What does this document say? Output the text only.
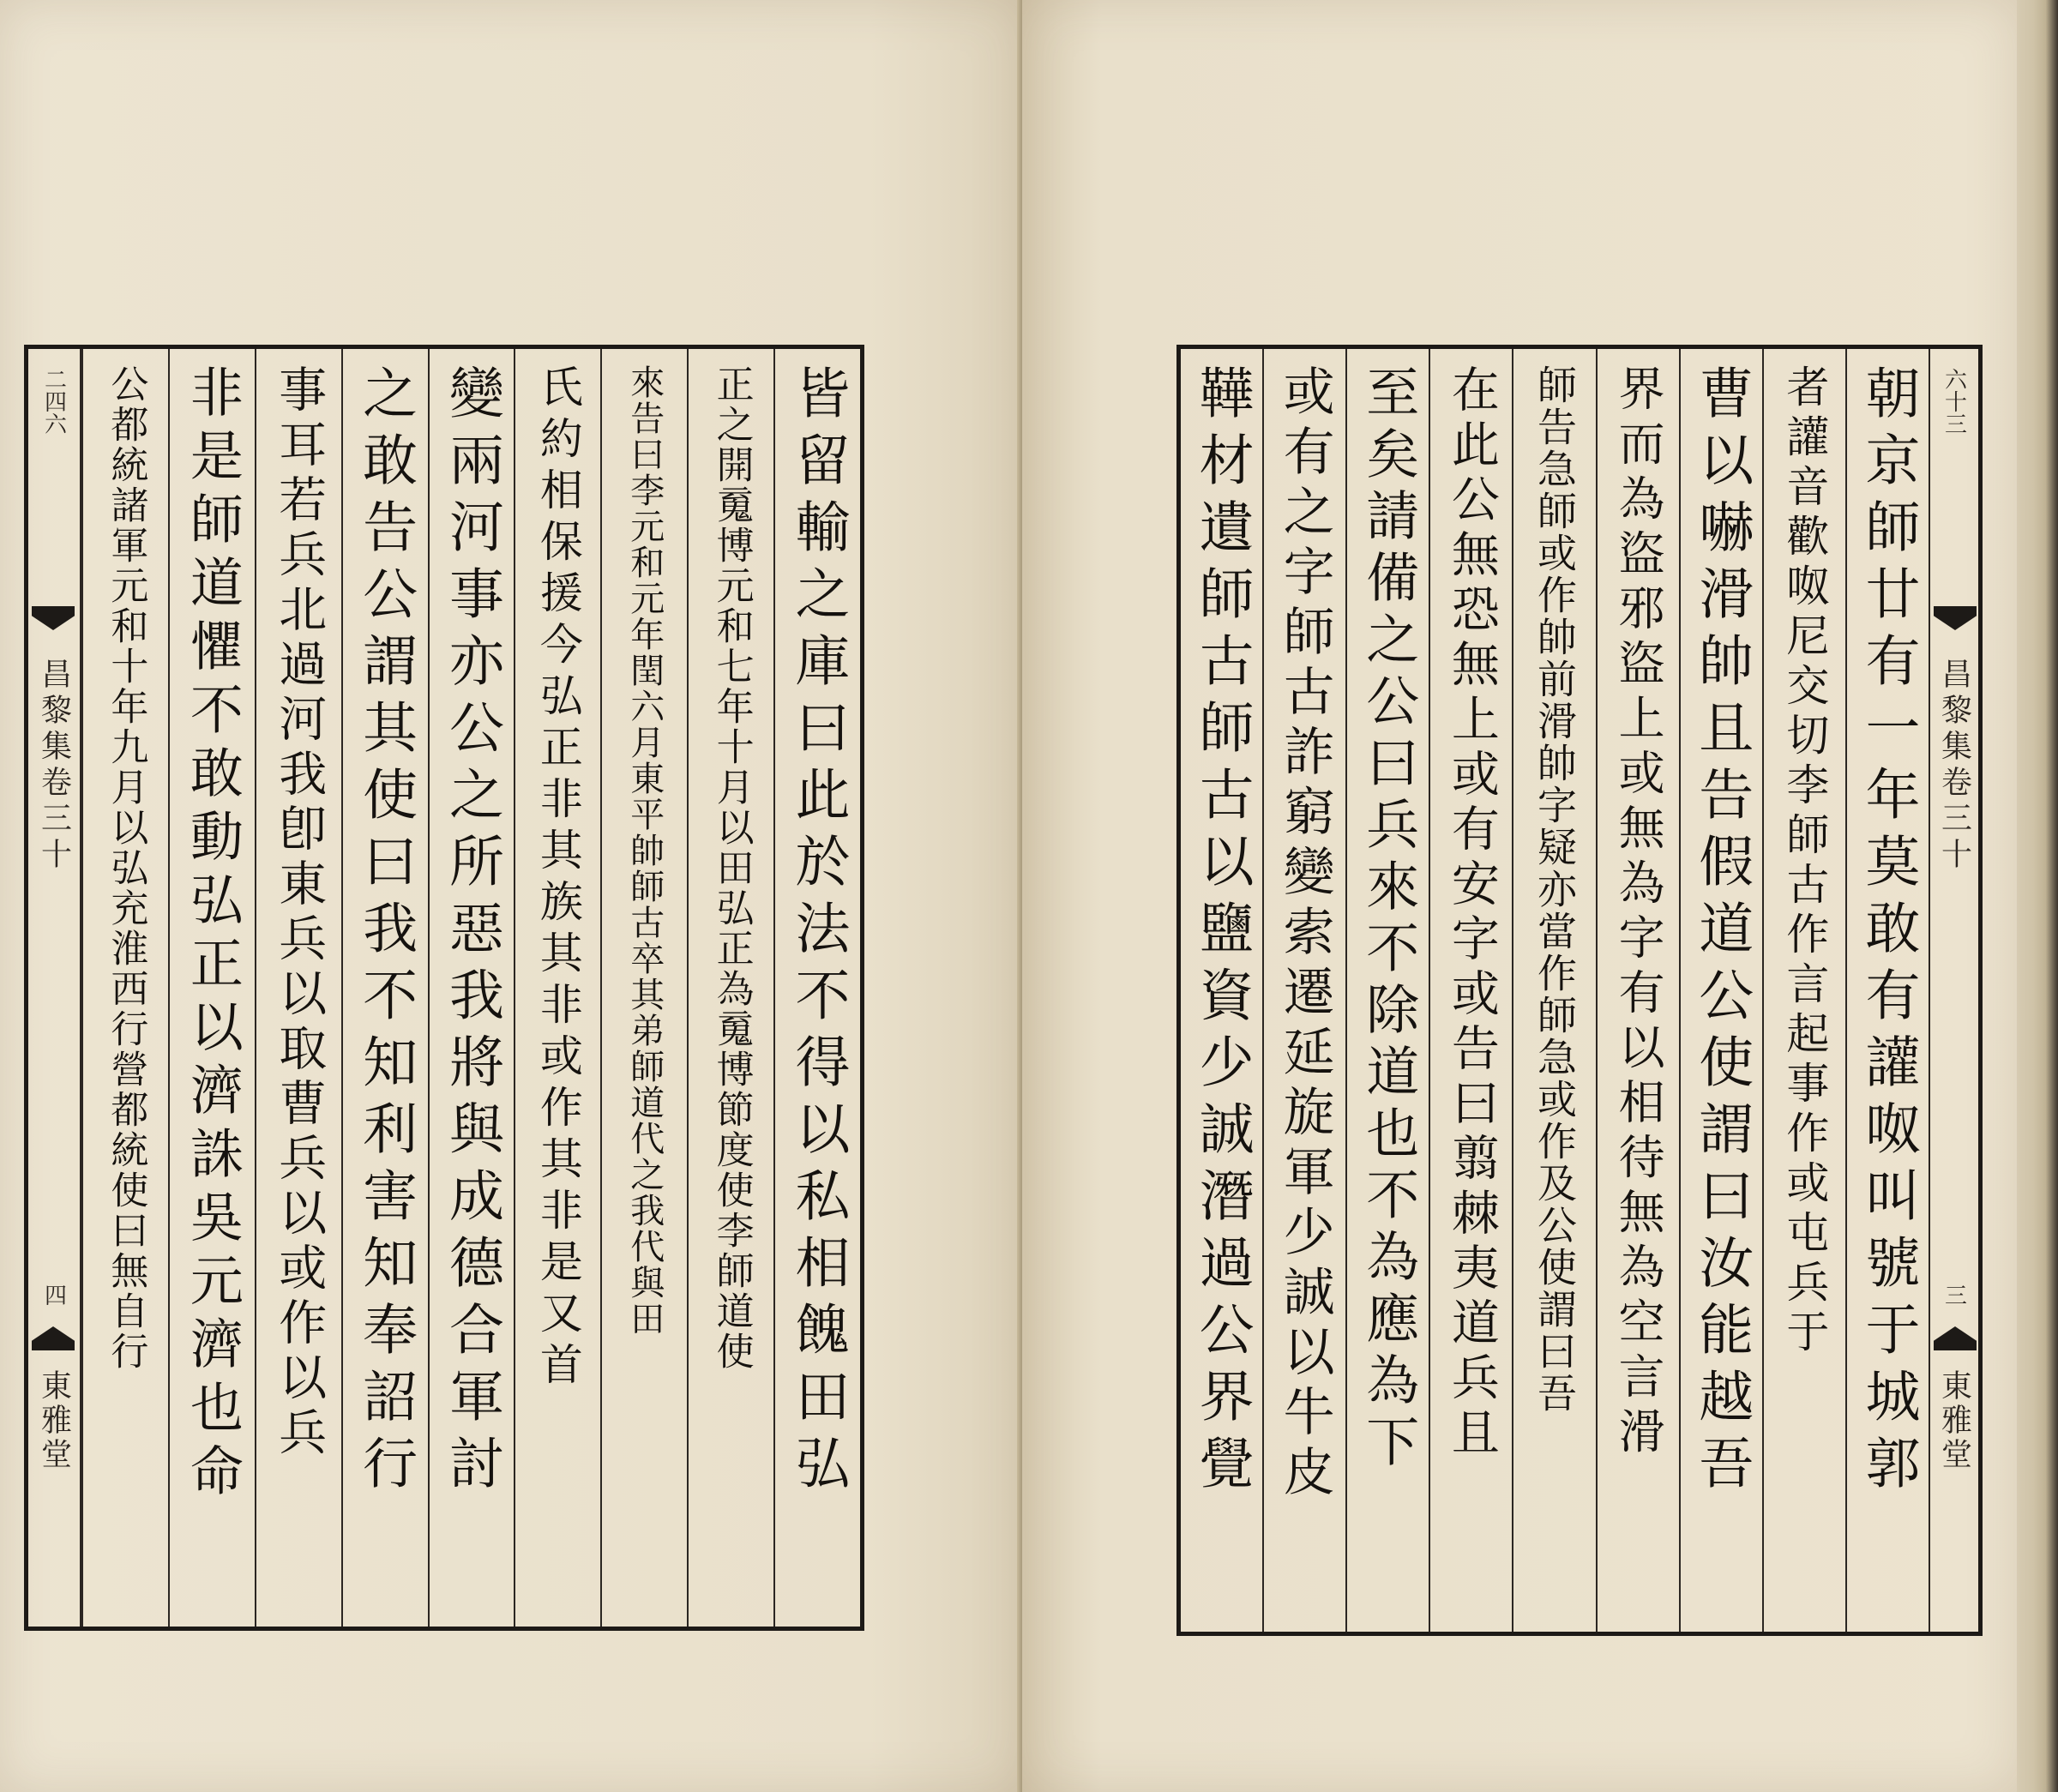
皆留輸之庫曰此於法不得以私相餽田弘
正之開䰟博元和七年十月以田弘正為䰟博節度使李師道使
來告曰李元和元年閏六月東平帥師古卒其弟師道代之我代與田
氏約相保援今弘正非其族其非或作其非是又首
變兩河事亦公之所惡我將與成德合軍討
之敢告公謂其使曰我不知利害知奉詔行
事耳若兵北過河我卽東兵以取曹兵以或作以兵
非是師道懼不敢動弘正以濟誅吳元濟也命
公都統諸軍元和十年九月以弘充淮西行營都統使曰無自行
二四六
昌黎集卷三十
四
東雅堂	朝京師廿有一年莫敢有讙呶叫號于城郭
者讙音歡呶尼交切李師古作言起事作或屯兵于
曹以嚇滑帥且告假道公使謂曰汝能越吾
界而為盜邪盜上或無為字有以相待無為空言滑
師告急師或作帥前滑帥字疑亦當作師急或作及公使謂曰吾
在此公無恐無上或有安字或告曰翦棘夷道兵且
至矣請備之公曰兵來不除道也不為應為下
或有之字師古詐窮變索遷延旋軍少誠以牛皮
鞾材遺師古師古以鹽資少誠潛過公界覺	六十三
昌黎集卷三十
三
東雅堂
